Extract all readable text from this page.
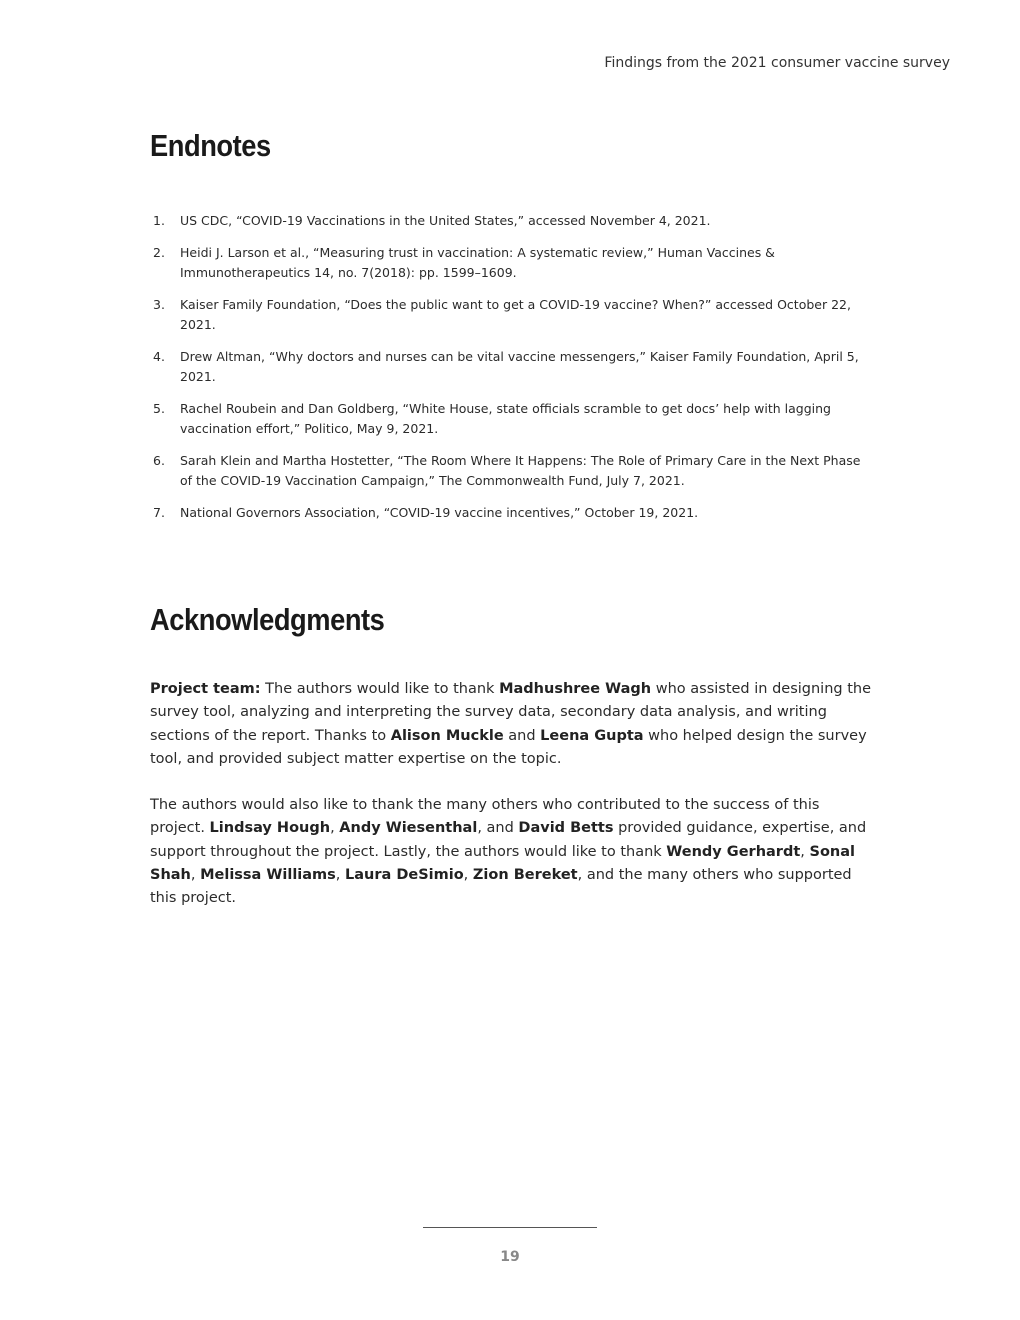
Findings from the 2021 consumer vaccine survey
Endnotes
1.	US CDC, “COVID-19 Vaccinations in the United States,” accessed November 4, 2021.
2.	Heidi J. Larson et al., “Measuring trust in vaccination: A systematic review,” Human Vaccines & Immunotherapeutics 14, no. 7(2018): pp. 1599–1609.
3.	Kaiser Family Foundation, “Does the public want to get a COVID-19 vaccine? When?” accessed October 22, 2021.
4.	Drew Altman, “Why doctors and nurses can be vital vaccine messengers,” Kaiser Family Foundation, April 5, 2021.
5.	Rachel Roubein and Dan Goldberg, “White House, state officials scramble to get docs’ help with lagging vaccination effort,” Politico, May 9, 2021.
6.	Sarah Klein and Martha Hostetter, “The Room Where It Happens: The Role of Primary Care in the Next Phase of the COVID-19 Vaccination Campaign,” The Commonwealth Fund, July 7, 2021.
7.	National Governors Association, “COVID-19 vaccine incentives,” October 19, 2021.
Acknowledgments

Project team: The authors would like to thank Madhushree Wagh who assisted in designing the survey tool, analyzing and interpreting the survey data, secondary data analysis, and writing sections of the report. Thanks to Alison Muckle and Leena Gupta who helped design the survey tool, and provided subject matter expertise on the topic.

The authors would also like to thank the many others who contributed to the success of this project. Lindsay Hough, Andy Wiesenthal, and David Betts provided guidance, expertise, and support throughout the project. Lastly, the authors would like to thank Wendy Gerhardt, Sonal Shah, Melissa Williams, Laura DeSimio, Zion Bereket, and the many others who supported this project.

19
